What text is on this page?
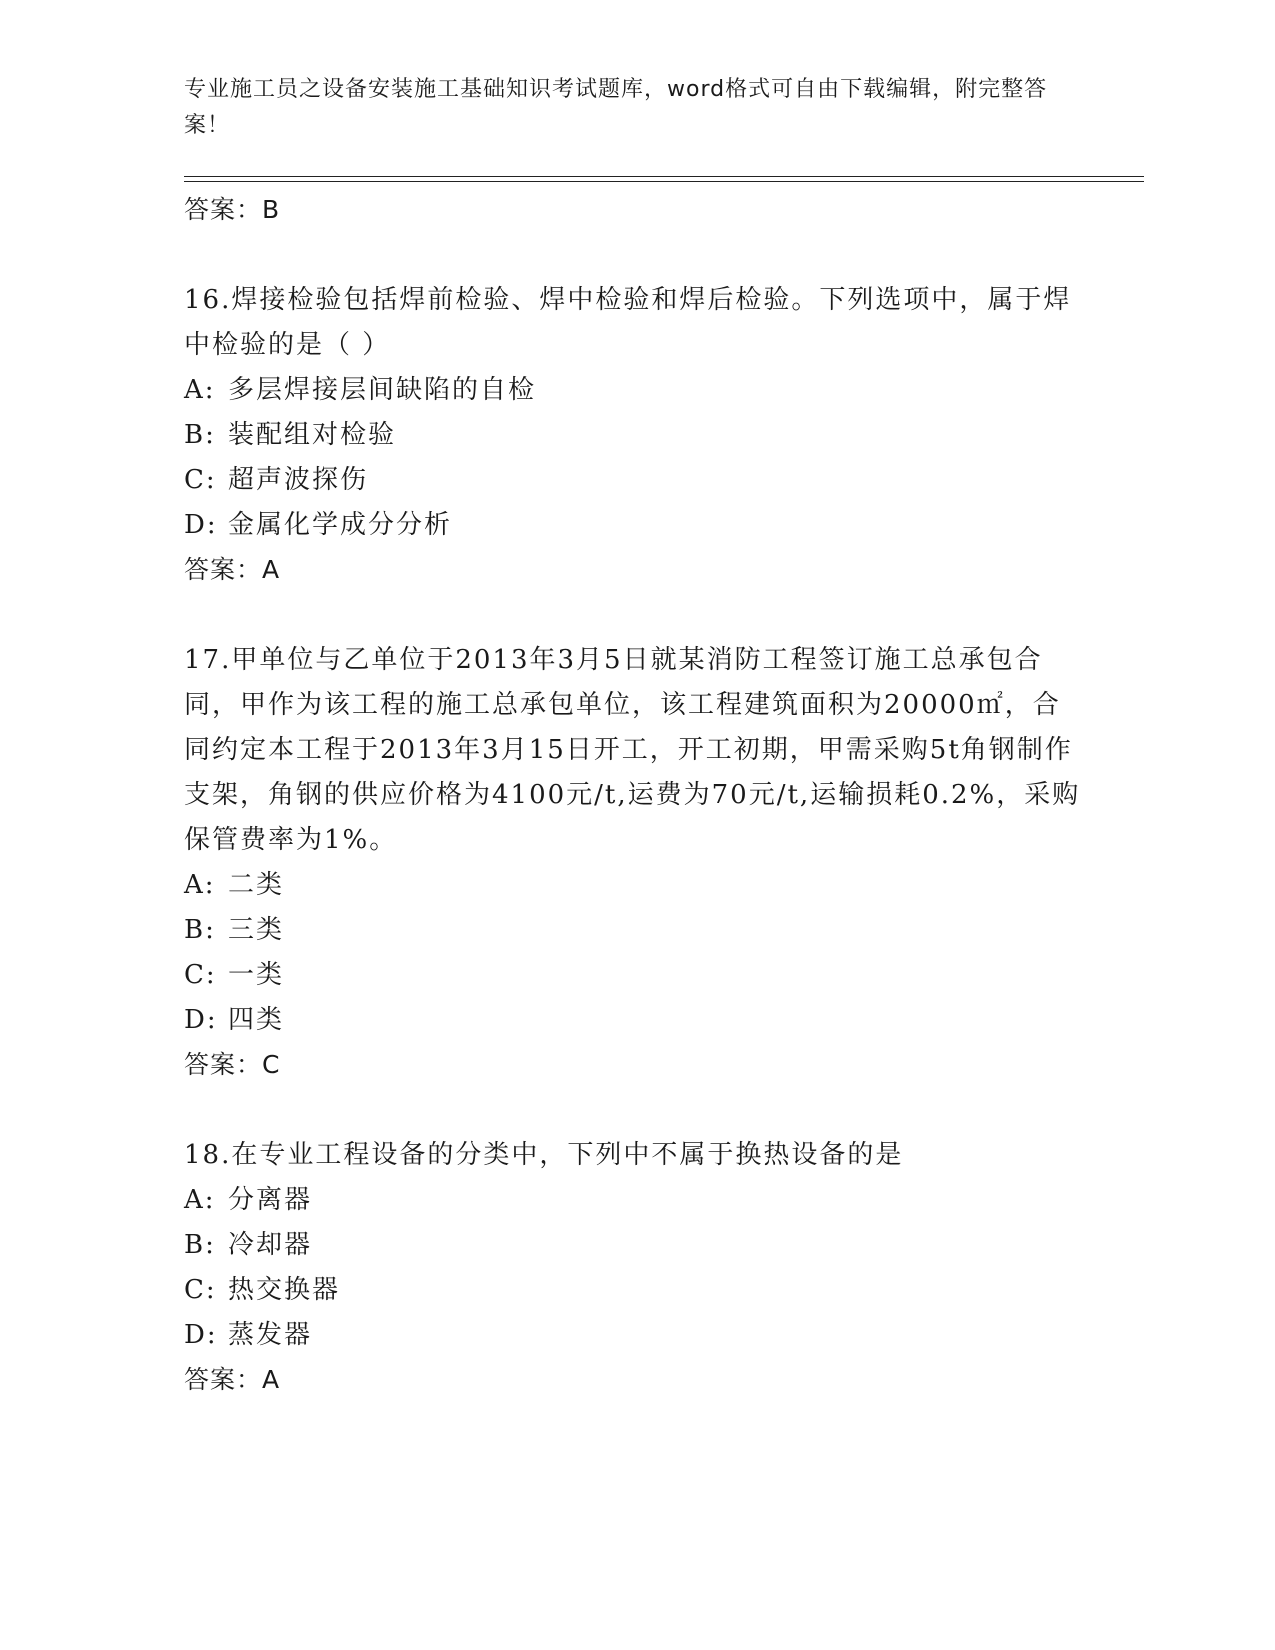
专业施工员之设备安装施工基础知识考试题库，word格式可自由下载编辑，附完整答案！
答案：B
16.焊接检验包括焊前检验、焊中检验和焊后检验。下列选项中，属于焊中检验的是（ ）
A: 多层焊接层间缺陷的自检
B: 装配组对检验
C: 超声波探伤
D: 金属化学成分分析
答案：A
17.甲单位与乙单位于2013年3月5日就某消防工程签订施工总承包合同，甲作为该工程的施工总承包单位，该工程建筑面积为20000㎡，合同约定本工程于2013年3月15日开工，开工初期，甲需采购5t角钢制作支架，角钢的供应价格为4100元/t,运费为70元/t,运输损耗0.2%，采购保管费率为1%。
A: 二类
B: 三类
C: 一类
D: 四类
答案：C
18.在专业工程设备的分类中，下列中不属于换热设备的是
A: 分离器
B: 冷却器
C: 热交换器
D: 蒸发器
答案：A
